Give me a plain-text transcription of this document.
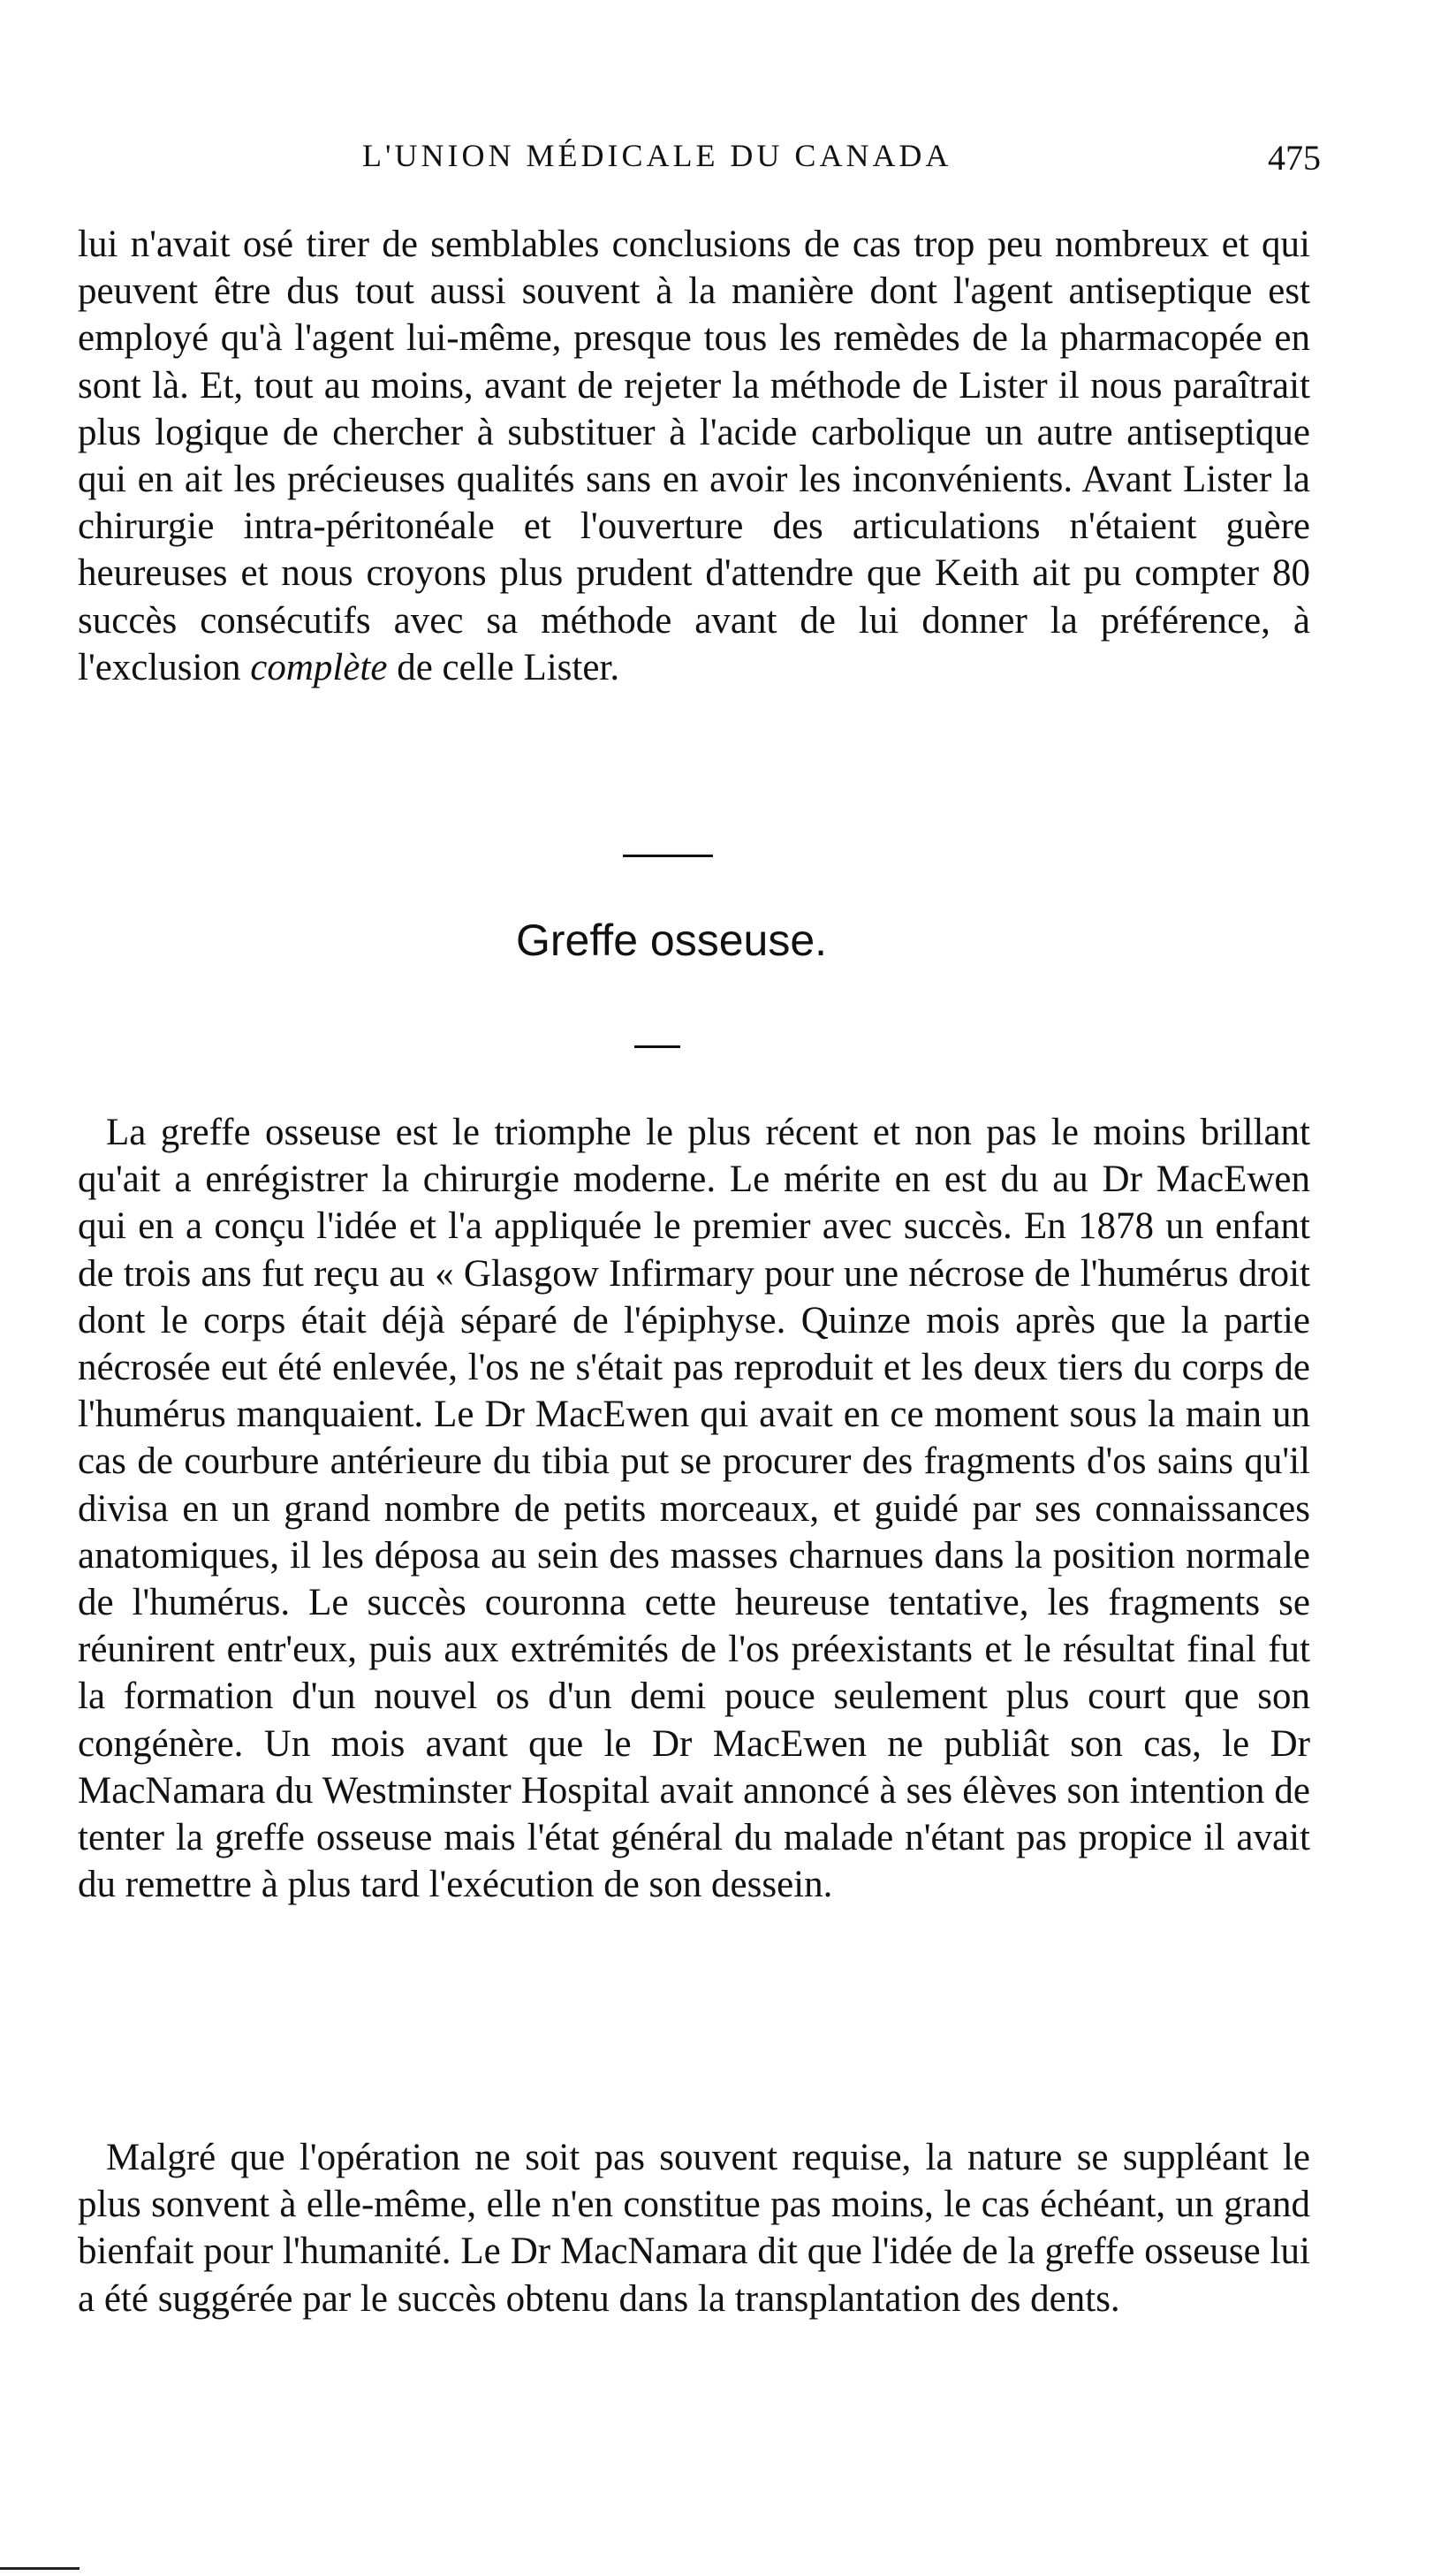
L'UNION MÉDICALE DU CANADA	475

lui n'avait osé tirer de semblables conclusions de cas trop peu nombreux et qui peuvent être dus tout aussi souvent à la manière dont l'agent antiseptique est employé qu'à l'agent lui-même, presque tous les remèdes de la pharmacopée en sont là. Et, tout au moins, avant de rejeter la méthode de Lister il nous paraîtrait plus logique de chercher à substituer à l'acide carbolique un autre antiseptique qui en ait les précieuses qualités sans en avoir les inconvénients. Avant Lister la chirurgie intra-péritonéale et l'ouverture des articulations n'étaient guère heureuses et nous croyons plus prudent d'attendre que Keith ait pu compter 80 succès consécutifs avec sa méthode avant de lui donner la préférence, à l'exclusion complète de celle Lister.

Greffe osseuse.

La greffe osseuse est le triomphe le plus récent et non pas le moins brillant qu'ait a enrégistrer la chirurgie moderne. Le mérite en est du au Dr MacEwen qui en a conçu l'idée et l'a appliquée le premier avec succès. En 1878 un enfant de trois ans fut reçu au « Glasgow Infirmary pour une nécrose de l'humérus droit dont le corps était déjà séparé de l'épiphyse. Quinze mois après que la partie nécrosée eut été enlevée, l'os ne s'était pas reproduit et les deux tiers du corps de l'humérus manquaient. Le Dr MacEwen qui avait en ce moment sous la main un cas de courbure antérieure du tibia put se procurer des fragments d'os sains qu'il divisa en un grand nombre de petits morceaux, et guidé par ses connaissances anatomiques, il les déposa au sein des masses charnues dans la position normale de l'humérus. Le succès couronna cette heureuse tentative, les fragments se réunirent entr'eux, puis aux extrémités de l'os préexistants et le résultat final fut la formation d'un nouvel os d'un demi pouce seulement plus court que son congénère. Un mois avant que le Dr MacEwen ne publiât son cas, le Dr MacNamara du Westminster Hospital avait annoncé à ses élèves son intention de tenter la greffe osseuse mais l'état général du malade n'étant pas propice il avait du remettre à plus tard l'exécution de son dessein.

Malgré que l'opération ne soit pas souvent requise, la nature se suppléant le plus sonvent à elle-même, elle n'en constitue pas moins, le cas échéant, un grand bienfait pour l'humanité. Le Dr MacNamara dit que l'idée de la greffe osseuse lui a été suggérée par le succès obtenu dans la transplantation des dents.
